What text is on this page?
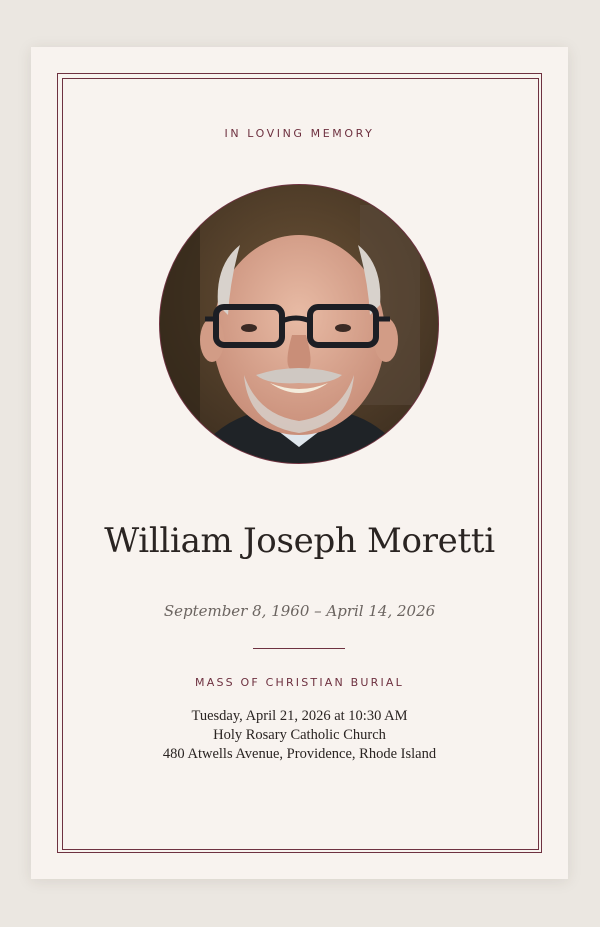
IN LOVING MEMORY
William Joseph Moretti
September 8, 1960 – April 14, 2026
MASS OF CHRISTIAN BURIAL
Tuesday, April 21, 2026 at 10:30 AM
Holy Rosary Catholic Church
480 Atwells Avenue, Providence, Rhode Island
